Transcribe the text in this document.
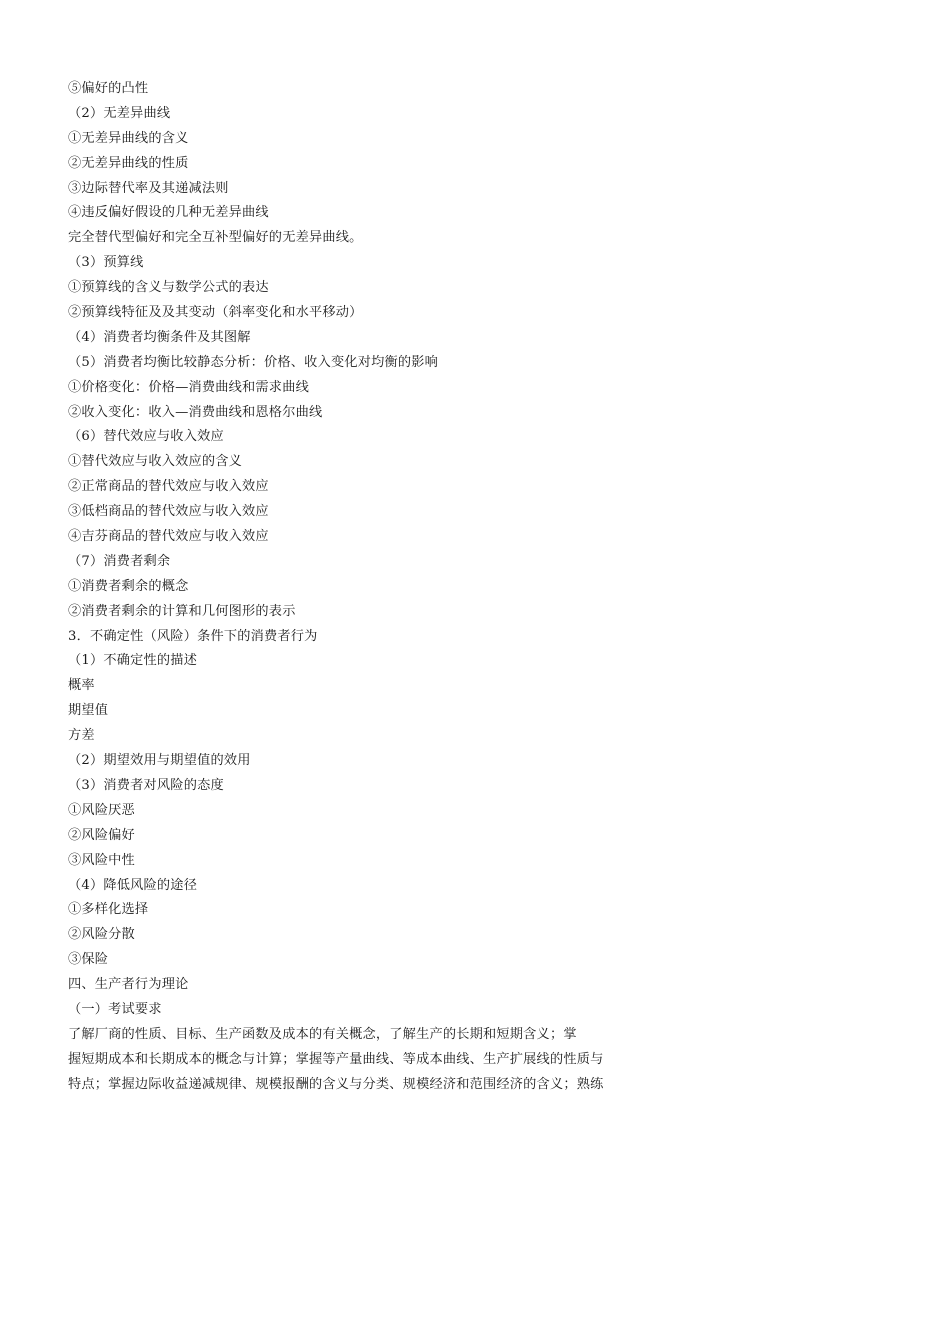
⑤偏好的凸性
（2）无差异曲线
①无差异曲线的含义
②无差异曲线的性质
③边际替代率及其递减法则
④违反偏好假设的几种无差异曲线
完全替代型偏好和完全互补型偏好的无差异曲线。
（3）预算线
①预算线的含义与数学公式的表达
②预算线特征及及其变动（斜率变化和水平移动）
（4）消费者均衡条件及其图解
（5）消费者均衡比较静态分析：价格、收入变化对均衡的影响
①价格变化：价格—消费曲线和需求曲线
②收入变化：收入—消费曲线和恩格尔曲线
（6）替代效应与收入效应
①替代效应与收入效应的含义
②正常商品的替代效应与收入效应
③低档商品的替代效应与收入效应
④吉芬商品的替代效应与收入效应
（7）消费者剩余
①消费者剩余的概念
②消费者剩余的计算和几何图形的表示
3．不确定性（风险）条件下的消费者行为
（1）不确定性的描述
概率
期望值
方差
（2）期望效用与期望值的效用
（3）消费者对风险的态度
①风险厌恶
②风险偏好
③风险中性
（4）降低风险的途径
①多样化选择
②风险分散
③保险
四、生产者行为理论
（一）考试要求
了解厂商的性质、目标、生产函数及成本的有关概念，了解生产的长期和短期含义；掌
握短期成本和长期成本的概念与计算；掌握等产量曲线、等成本曲线、生产扩展线的性质与
特点；掌握边际收益递减规律、规模报酬的含义与分类、规模经济和范围经济的含义；熟练
